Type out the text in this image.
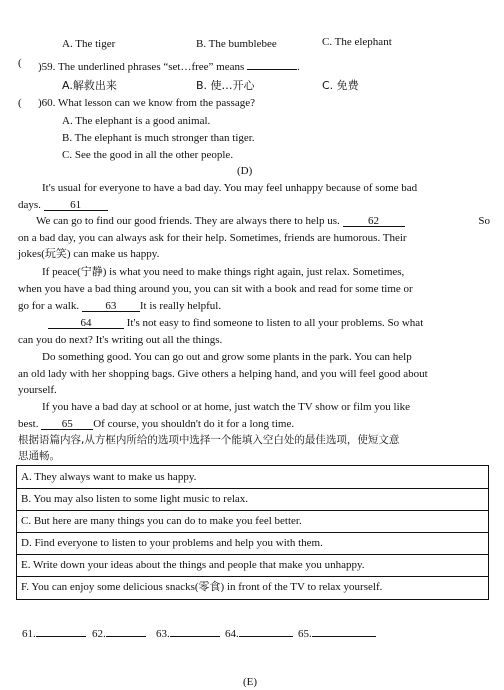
A. The tiger	B. The bumblebee	C. The elephant
( )59. The underlined phrases “set…free” means	.
A.解救出来	B. 使…开心	C. 免费
( )60. What lesson can we know from the passage?
A. The elephant is a good animal.
B. The elephant is much stronger than tiger.
C. See the good in all the other people.
(D)
It's usual for everyone to have a bad day. You may feel unhappy because of some bad
days.	61
We can go to find our good friends. They are always there to help us.	62	So
on a bad day, you can always ask for their help. Sometimes, friends are humorous. Their
jokes(玩笑) can make us happy.
If peace(宁静) is what you need to make things right again, just relax. Sometimes,
when you have a bad thing around you, you can sit with a book and read for some time or
go for a walk. 63 It is really helpful.
64	It's not easy to find someone to listen to all your problems. So what
can you do next? It's writing out all the things.
Do something good. You can go out and grow some plants in the park. You can help
an old lady with her shopping bags. Give others a helping hand, and you will feel good about
yourself.
If you have a bad day at school or at home, just watch the TV show or film you like
best. 65 Of course, you shouldn't do it for a long time.
根据语篇内容,从方框内所给的选项中选择一个能填入空白处的最佳选项，使短文意
思通畅。
A. They always want to make us happy.
B. You may also listen to some light music to relax.
C. But here are many things you can do to make you feel better.
D. Find everyone to listen to your problems and help you with them.
E. Write down your ideas about the things and people that make you unhappy.
F. You can enjoy some delicious snacks(零食) in front of the TV to relax yourself.
61.	62.	63.	64.	65.
(E)
